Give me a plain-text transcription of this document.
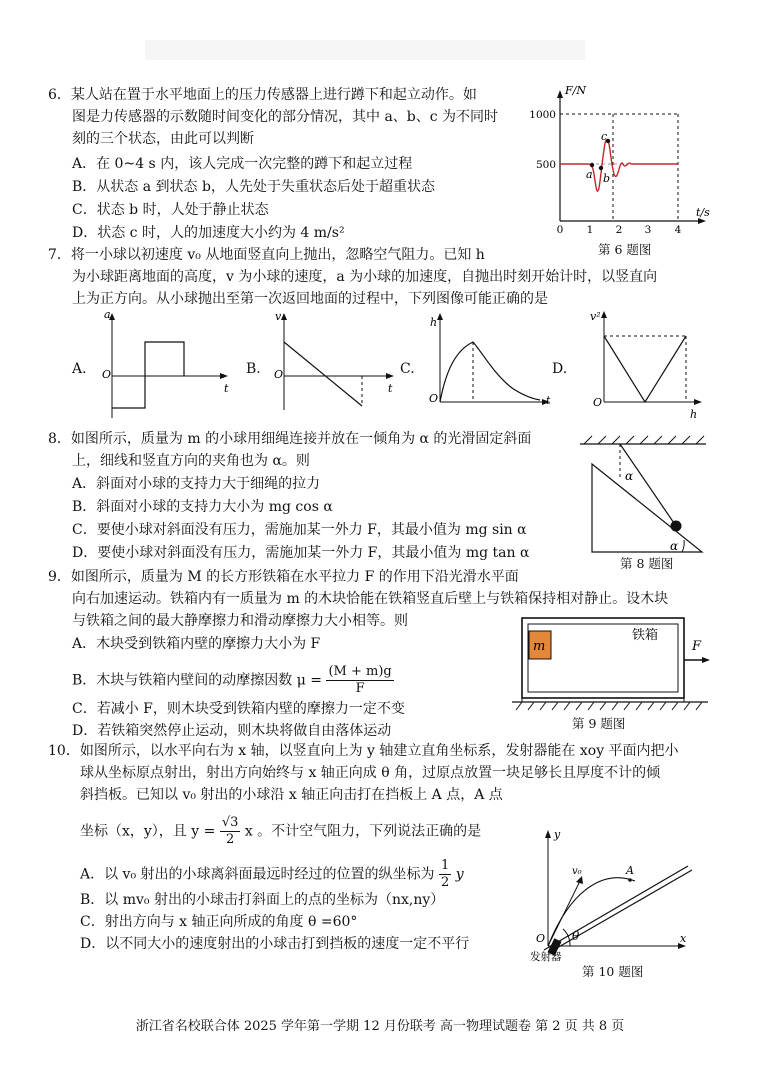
6．某人站在置于水平地面上的压力传感器上进行蹲下和起立动作。如
图是力传感器的示数随时间变化的部分情况，其中 a、b、c 为不同时
刻的三个状态，由此可以判断
A．在 0~4 s 内，该人完成一次完整的蹲下和起立过程
B．从状态 a 到状态 b，人先处于失重状态后处于超重状态
C．状态 b 时，人处于静止状态
D．状态 c 时，人的加速度大小约为 4 m/s²
a b
c
F/N
t/s
1000
500
0 1 2 3 4
第 6 题图
7．将一小球以初速度 v₀ 从地面竖直向上抛出，忽略空气阻力。已知 h
为小球距离地面的高度，v 为小球的速度，a 为小球的加速度，自抛出时刻开始计时，以竖直向
上为正方向。从小球抛出至第一次返回地面的过程中，下列图像可能正确的是
A. O
a
t
B. O
v
t
C.
O
h
t
D.
O
v²
h
8．如图所示，质量为 m 的小球用细绳连接并放在一倾角为 α 的光滑固定斜面
上，细线和竖直方向的夹角也为 α。则
A．斜面对小球的支持力大于细绳的拉力
B．斜面对小球的支持力大小为 mg cos α
C．要使小球对斜面没有压力，需施加某一外力 F，其最小值为 mg sin α
D．要使小球对斜面没有压力，需施加某一外力 F，其最小值为 mg tan α
α
α
第 8 题图
9．如图所示，质量为 M 的长方形铁箱在水平拉力 F 的作用下沿光滑水平面
向右加速运动。铁箱内有一质量为 m 的木块恰能在铁箱竖直后壁上与铁箱保持相对静止。设木块
与铁箱之间的最大静摩擦力和滑动摩擦力大小相等。则
A．木块受到铁箱内壁的摩擦力大小为 F
B．木块与铁箱内壁间的动摩擦因数 $\mu = \frac{(M + m)g}{F}$
C．若减小 F，则木块受到铁箱内壁的摩擦力一定不变
D．若铁箱突然停止运动，则木块将做自由落体运动
m
铁箱
F
第 9 题图
10．如图所示，以水平向右为 x 轴，以竖直向上为 y 轴建立直角坐标系，发射器能在 xoy 平面内把小
球从坐标原点射出，射出方向始终与 x 轴正向成 θ 角，过原点放置一块足够长且厚度不计的倾
斜挡板。已知以 v₀ 射出的小球沿 x 轴正向击打在挡板上 A 点，A 点
坐标（x，y），且 $y = \frac{√3}{2}$ x 。不计空气阻力，下列说法正确的是
A．以 v₀ 射出的小球离斜面最远时经过的位置的纵坐标为 $\frac{1}{2}$ y
B．以 mv₀ 射出的小球击打斜面上的点的坐标为（nx,ny）
C．射出方向与 x 轴正向所成的角度 θ =60°
D．以不同大小的速度射出的小球击打到挡板的速度一定不平行
y
x
O
A
v₀
θ
发射器
第 10 题图
浙江省名校联合体 2025 学年第一学期 12 月份联考 高一物理试题卷 第 2 页 共 8 页
